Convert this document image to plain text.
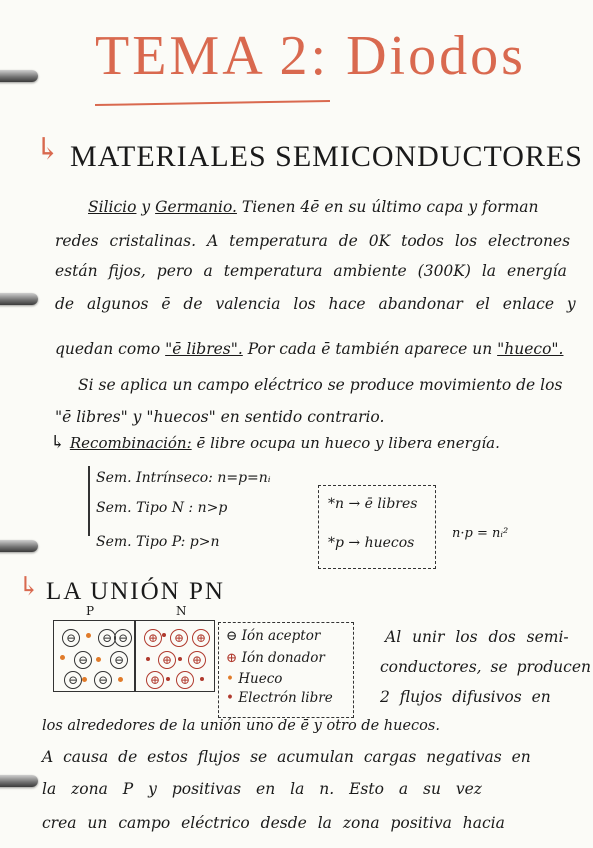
TEMA 2: Diodos
↳ MATERIALES SEMICONDUCTORES
Silicio y Germanio. Tienen 4ē en su último capa y forman
redes cristalinas. A temperatura de 0K todos los electrones
están fijos, pero a temperatura ambiente (300K) la energía
de algunos ē de valencia los hace abandonar el enlace y
quedan como "ē libres". Por cada ē también aparece un "hueco".
Si se aplica un campo eléctrico se produce movimiento de los
"ē libres" y "huecos" en sentido contrario.
↳ Recombinación: ē libre ocupa un hueco y libera energía.
Sem. Intrínseco: n=p=nᵢ
Sem. Tipo N : n>p
Sem. Tipo P: p>n
*n → ē libres
*p → huecos
n·p = nᵢ²
↳ LA UNIÓN PN
P	N
⊖	⊖ ⊖
⊖	⊖
⊖	⊖
⊕	⊕ ⊕
⊕	⊕
⊕	⊕
⊖ Ión aceptor
⊕ Ión donador
• Hueco
• Electrón libre
Al unir los dos semi-
conductores, se producen
2 flujos difusivos en
los alrededores de la unión uno de ē y otro de huecos.
A causa de estos flujos se acumulan cargas negativas en
la zona P y positivas en la n. Esto a su vez
crea un campo eléctrico desde la zona positiva hacia
